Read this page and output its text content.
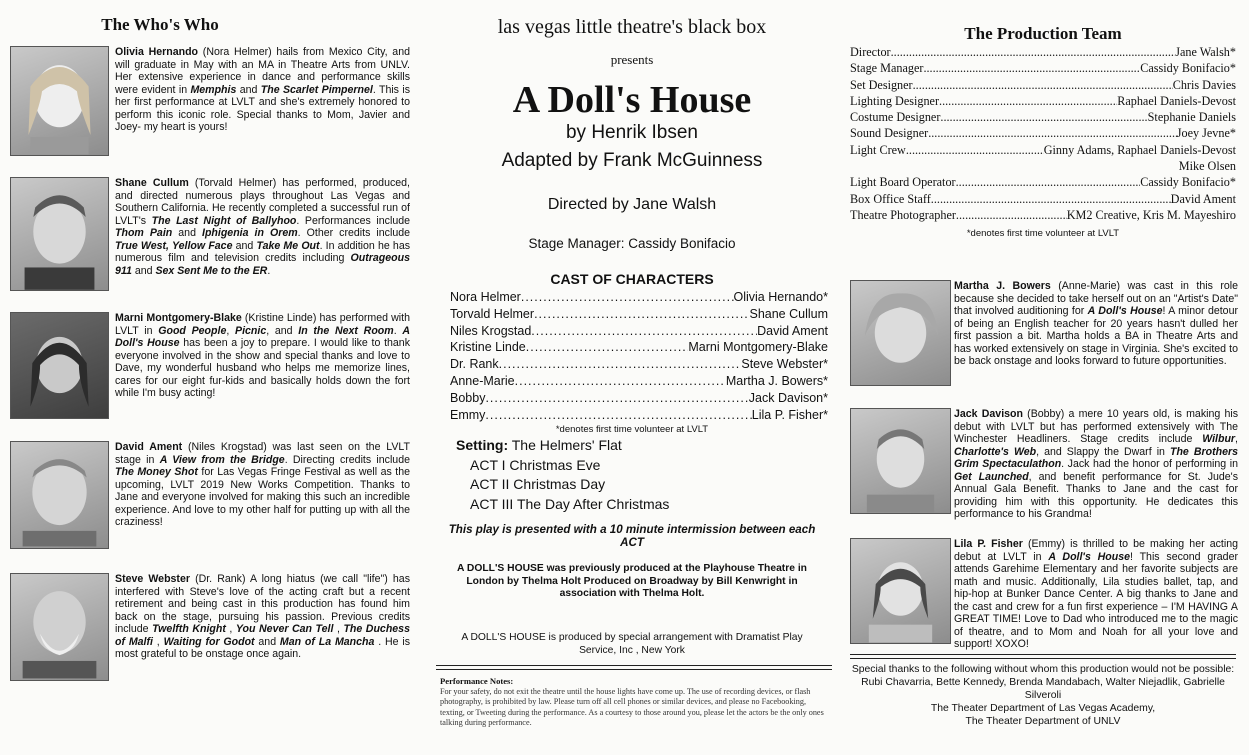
The Who's Who
Olivia Hernando (Nora Helmer) hails from Mexico City, and will graduate in May with an MA in Theatre Arts from UNLV. Her extensive experience in dance and performance skills were evident in Memphis and The Scarlet Pimpernel. This is her first performance at LVLT and she's extremely honored to perform this iconic role. Special thanks to Mom, Javier and Joey- my heart is yours!
Shane Cullum (Torvald Helmer) has performed, produced, and directed numerous plays throughout Las Vegas and Southern California. He recently completed a successful run of LVLT's The Last Night of Ballyhoo. Performances include Thom Pain and Iphigenia in Orem. Other credits include True West, Yellow Face and Take Me Out. In addition he has numerous film and television credits including Outrageous 911 and Sex Sent Me to the ER.
Marni Montgomery-Blake (Kristine Linde) has performed with LVLT in Good People, Picnic, and In the Next Room. A Doll's House has been a joy to prepare. I would like to thank everyone involved in the show and special thanks and love to Dave, my wonderful husband who helps me memorize lines, cares for our eight fur-kids and basically holds down the fort while I'm busy acting!
David Ament (Niles Krogstad) was last seen on the LVLT stage in A View from the Bridge. Directing credits include The Money Shot for Las Vegas Fringe Festival as well as the upcoming, LVLT 2019 New Works Competition. Thanks to Jane and everyone involved for making this such an incredible experience. And love to my other half for putting up with all the craziness!
Steve Webster (Dr. Rank) A long hiatus (we call "life") has interfered with Steve's love of the acting craft but a recent retirement and being cast in this production has found him back on the stage, pursuing his passion. Previous credits include Twelfth Knight , You Never Can Tell , The Duchess of Malfi , Waiting for Godot and Man of La Mancha . He is most grateful to be onstage once again.
las vegas little theatre's black box
presents
A Doll's House
by Henrik Ibsen
Adapted by Frank McGuinness
Directed by Jane Walsh
Stage Manager: Cassidy Bonifacio
CAST OF CHARACTERS
Nora Helmer .....	Olivia Hernando*
Torvald Helmer .....	Shane Cullum
Niles Krogstad .....	David Ament
Kristine Linde .....	Marni Montgomery-Blake
Dr. Rank .....	Steve Webster*
Anne-Marie .....	Martha J. Bowers*
Bobby .....	Jack Davison*
Emmy .....	Lila P. Fisher*
*denotes first time volunteer at LVLT
Setting: The Helmers' Flat
ACT I Christmas Eve
ACT II Christmas Day
ACT III The Day After Christmas
This play is presented with a 10 minute intermission between each ACT
A DOLL'S HOUSE was previously produced at the Playhouse Theatre in London by Thelma Holt Produced on Broadway by Bill Kenwright in association with Thelma Holt.
A DOLL'S HOUSE is produced by special arrangement with Dramatist Play Service, Inc , New York
Performance Notes:
For your safety, do not exit the theatre until the house lights have come up. The use of recording devices, or flash photography, is prohibited by law. Please turn off all cell phones or similar devices, and please no Facebooking, texting, or Tweeting during the performance. As a courtesy to those around you, please let the actors be the only ones talking during performance.
The Production Team
Director .....	Jane Walsh*
Stage Manager .....	Cassidy Bonifacio*
Set Designer .....	Chris Davies
Lighting Designer .....	Raphael Daniels-Devost
Costume Designer .....	Stephanie Daniels
Sound Designer .....	Joey Jevne*
Light Crew .....	Ginny Adams, Raphael Daniels-Devost
Mike Olsen
Light Board Operator .....	Cassidy Bonifacio*
Box Office Staff .....	David Ament
Theatre Photographer .....	KM2 Creative, Kris M. Mayeshiro
*denotes first time volunteer at LVLT
Martha J. Bowers (Anne-Marie) was cast in this role because she decided to take herself out on an "Artist's Date" that involved auditioning for A Doll's House! A minor detour of being an English teacher for 20 years hasn't dulled her first passion a bit. Martha holds a BA in Theatre Arts and has worked extensively on stage in Virginia. She's excited to be back onstage and looks forward to future opportunities.
Jack Davison (Bobby) a mere 10 years old, is making his debut with LVLT but has performed extensively with The Winchester Headliners. Stage credits include Wilbur, Charlotte's Web, and Slappy the Dwarf in The Brothers Grim Spectaculathon. Jack had the honor of performing in Get Launched, and benefit performance for St. Jude's Annual Gala Benefit. Thanks to Jane and the cast for providing him with this opportunity. He dedicates this performance to his Grandma!
Lila P. Fisher (Emmy) is thrilled to be making her acting debut at LVLT in A Doll's House! This second grader attends Garehime Elementary and her favorite subjects are math and music. Additionally, Lila studies ballet, tap, and hip-hop at Bunker Dance Center. A big thanks to Jane and the cast and crew for a fun first experience – I'M HAVING A GREAT TIME! Love to Dad who introduced me to the magic of theatre, and to Mom and Noah for all your love and support! XOXO!
Special thanks to the following without whom this production would not be possible:
Rubi Chavarria, Bette Kennedy, Brenda Mandabach, Walter Niejadlik, Gabrielle Silveroli
The Theater Department of Las Vegas Academy,
The Theater Department of UNLV
